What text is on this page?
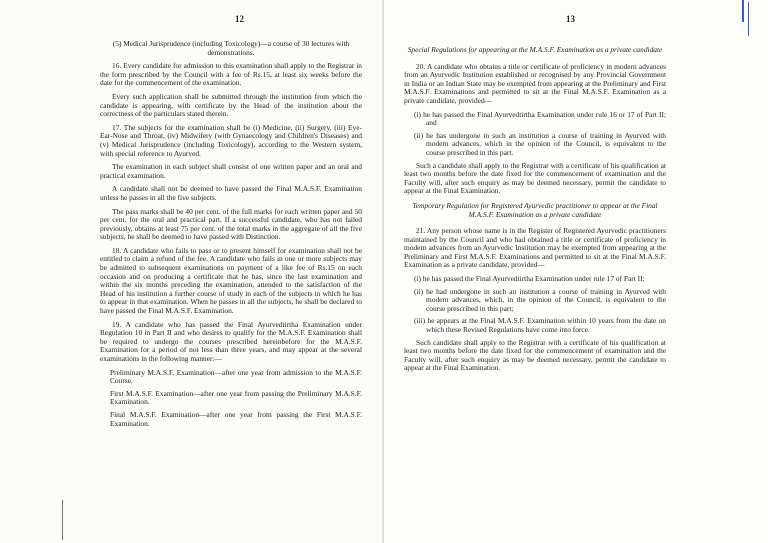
12

(5) Medical Jurisprudence (including Toxicology)—a course of 30 lectures with demonstrations.

16. Every candidate for admission to this examination shall apply to the Registrar in the form prescribed by the Council with a fee of Rs.15, at least six weeks before the date for the commencement of the examination.

Every such application shall be submitted through the institution from which the candidate is appearing, with certificate by the Head of the institution about the correctness of the particulars stated therein.

17. The subjects for the examination shall be (i) Medicine, (ii) Surgery, (iii) Eye-Ear-Nose and Throat, (iv) Midwifery (with Gynaecology and Children's Diseases) and (v) Medical Jurisprudence (including Toxicology), according to the Western system, with special reference to Ayurved.

The examination in each subject shall consist of one written paper and an oral and practical examination.

A candidate shall not be deemed to have passed the Final M.A.S.F. Examination unless he passes in all the five subjects.

The pass marks shall be 40 per cent. of the full marks for each written paper and 50 per cent. for the oral and practical part. If a successful candidate, who has not failed previously, obtains at least 75 per cent. of the total marks in the aggregate of all the five subjects, he shall be deemed to have passed with Distinction.

18. A candidate who fails to pass or to present himself for examination shall not be entitled to claim a refund of the fee. A candidate who fails in one or more subjects may be admitted to subsequent examinations on payment of a like fee of Rs.15 on each occasion and on producing a certificate that he has, since the last examination and within the six months preceding the examination, attended to the satisfaction of the Head of his institution a further course of study in each of the subjects in which he has to appear in that examination. When he passes in all the subjects, he shall be declared to have passed the Final M.A.S.F. Examination.

19. A candidate who has passed the Final Ayurvedtirtha Examination under Regulation 10 in Part II and who desires to qualify for the M.A.S.F. Examination shall be required to undergo the courses prescribed hereinbefore for the M.A.S.F. Examination for a period of not less than three years, and may appear at the several examinations in the following manner:—

Preliminary M.A.S.F. Examination—after one year from admission to the M.A.S.F. Course.

First M.A.S.F. Examination—after one year from passing the Preliminary M.A.S.F. Examination.

Final M.A.S.F. Examination—after one year from passing the First M.A.S.F. Examination.

13

Special Regulations for appearing at the M.A.S.F. Examination as a private candidate

20. A candidate who obtains a title or certificate of proficiency in modern advances from an Ayurvedic Institution established or recognised by any Provincial Government in India or an Indian State may be exempted from appearing at the Preliminary and First M.A.S.F. Examinations and permitted to sit at the Final M.A.S.F. Examination as a private candidate, provided—

(i) he has passed the Final Ayurvedtirtha Examination under rule 16 or 17 of Part II; and

(ii) he has undergone in such an institution a course of training in Ayurved with modern advances, which in the opinion of the Council, is equivalent to the course prescribed in this part.

Such a candidate shall apply to the Registrar with a certificate of his qualification at least two months before the date fixed for the commencement of examination and the Faculty will, after such enquiry as may be deemed necessary, permit the candidate to appear at the Final Examination.

Temporary Regulation for Registered Ayurvedic practitioner to appear at the Final M.A.S.F. Examination as a private candidate

21. Any person whose name is in the Register of Registered Ayurvedic practitioners maintained by the Council and who had obtained a title or certificate of proficiency in modern advances from an Ayurvedic Institution may be exempted from appearing at the Preliminary and First M.A.S.F. Examinations and permitted to sit at the Final M.A.S.F. Examination as a private candidate, provided—

(i) he has passed the Final Ayurvedtirtha Examination under rule 17 of Part II;

(ii) he had undergone in such an institution a course of training in Ayurved with modern advances, which, in the opinion of the Council, is equivalent to the course prescribed in this part;

(iii) he appears at the Final M.A.S.F. Examination within 10 years from the date on which these Revised Regulations have come into force.

Such candidate shall apply to the Registrar with a certificate of his qualification at least two months before the date fixed for the commencement of examination and the Faculty will, after such enquiry as may be deemed necessary, permit the candidate to appear at the Final Examination.
